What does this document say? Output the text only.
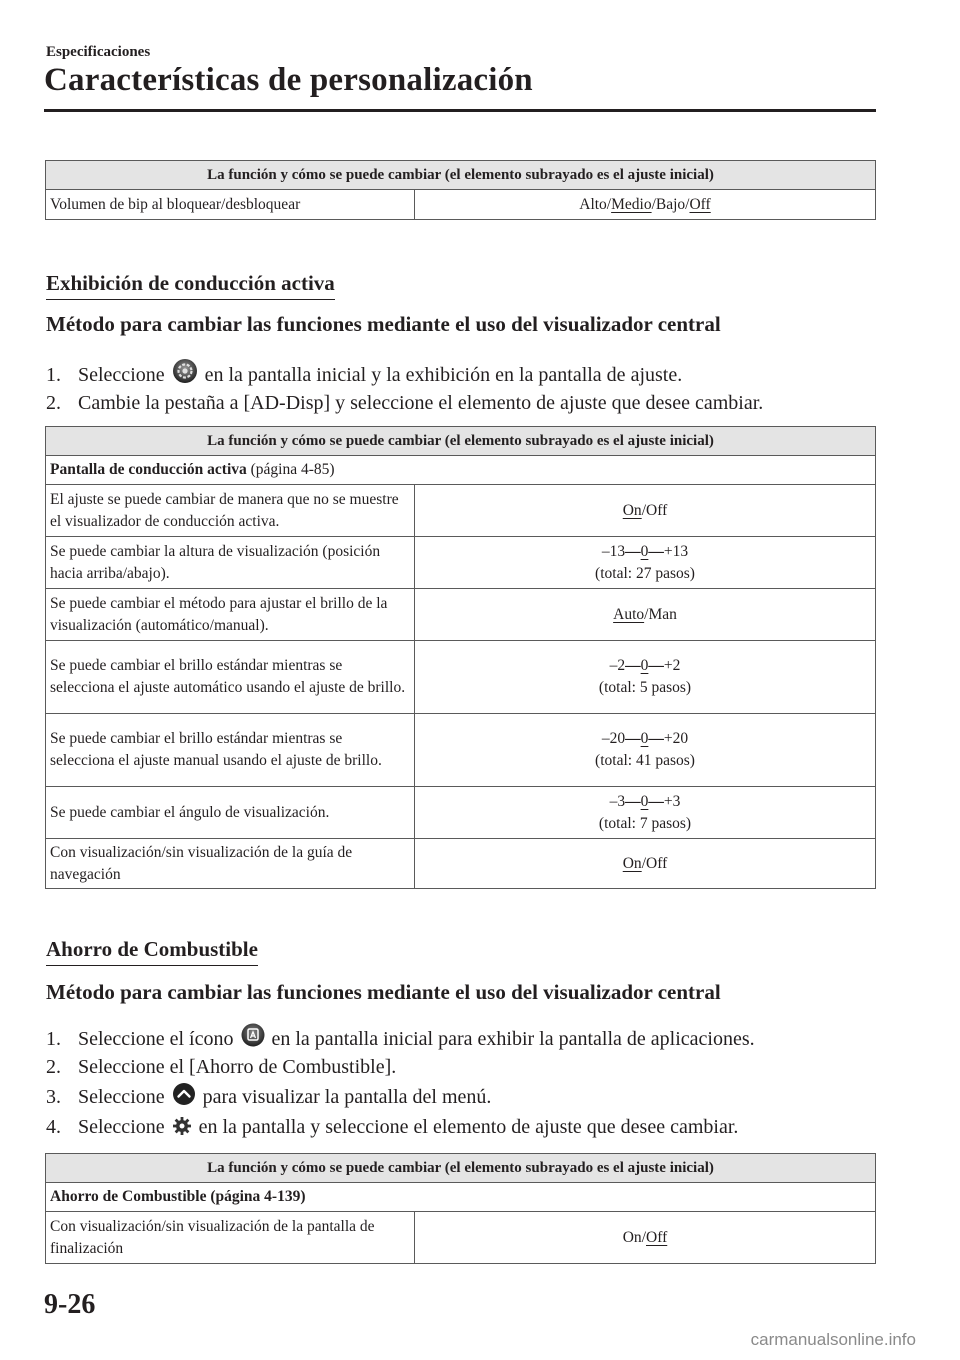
Especificaciones
Características de personalización
La función y cómo se puede cambiar (el elemento subrayado es el ajuste inicial)
Volumen de bip al bloquear/desbloquear	Alto/Medio/Bajo/Off
Exhibición de conducción activa
Método para cambiar las funciones mediante el uso del visualizador central
1. Seleccione en la pantalla inicial y la exhibición en la pantalla de ajuste.
2. Cambie la pestaña a [AD-Disp] y seleccione el elemento de ajuste que desee cambiar.
La función y cómo se puede cambiar (el elemento subrayado es el ajuste inicial)	
Pantalla de conducción activa (página 4-85)	
El ajuste se puede cambiar de manera que no se muestre el visualizador de conducción activa.	On/Off
Se puede cambiar la altura de visualización (posición hacia arriba/abajo).	–13—0—+13
(total: 27 pasos)

Se puede cambiar el método para ajustar el brillo de la visualización (automático/manual).	Auto/Man
Se puede cambiar el brillo estándar mientras se selecciona el ajuste automático usando el ajuste de brillo.	–2—0—+2
(total: 5 pasos)

Se puede cambiar el brillo estándar mientras se selecciona el ajuste manual usando el ajuste de brillo.	–20—0—+20
(total: 41 pasos)

Se puede cambiar el ángulo de visualización.	–3—0—+3
(total: 7 pasos)

Con visualización/sin visualización de la guía de navegación	On/Off
Ahorro de Combustible
Método para cambiar las funciones mediante el uso del visualizador central
1. Seleccione el ícono en la pantalla inicial para exhibir la pantalla de aplicaciones.
2. Seleccione el [Ahorro de Combustible].
3. Seleccione para visualizar la pantalla del menú.
4. Seleccione en la pantalla y seleccione el elemento de ajuste que desee cambiar.
La función y cómo se puede cambiar (el elemento subrayado es el ajuste inicial)
Ahorro de Combustible (página 4-139)
Con visualización/sin visualización de la pantalla de finalización	On/Off
9-26
carmanualsonline.info
